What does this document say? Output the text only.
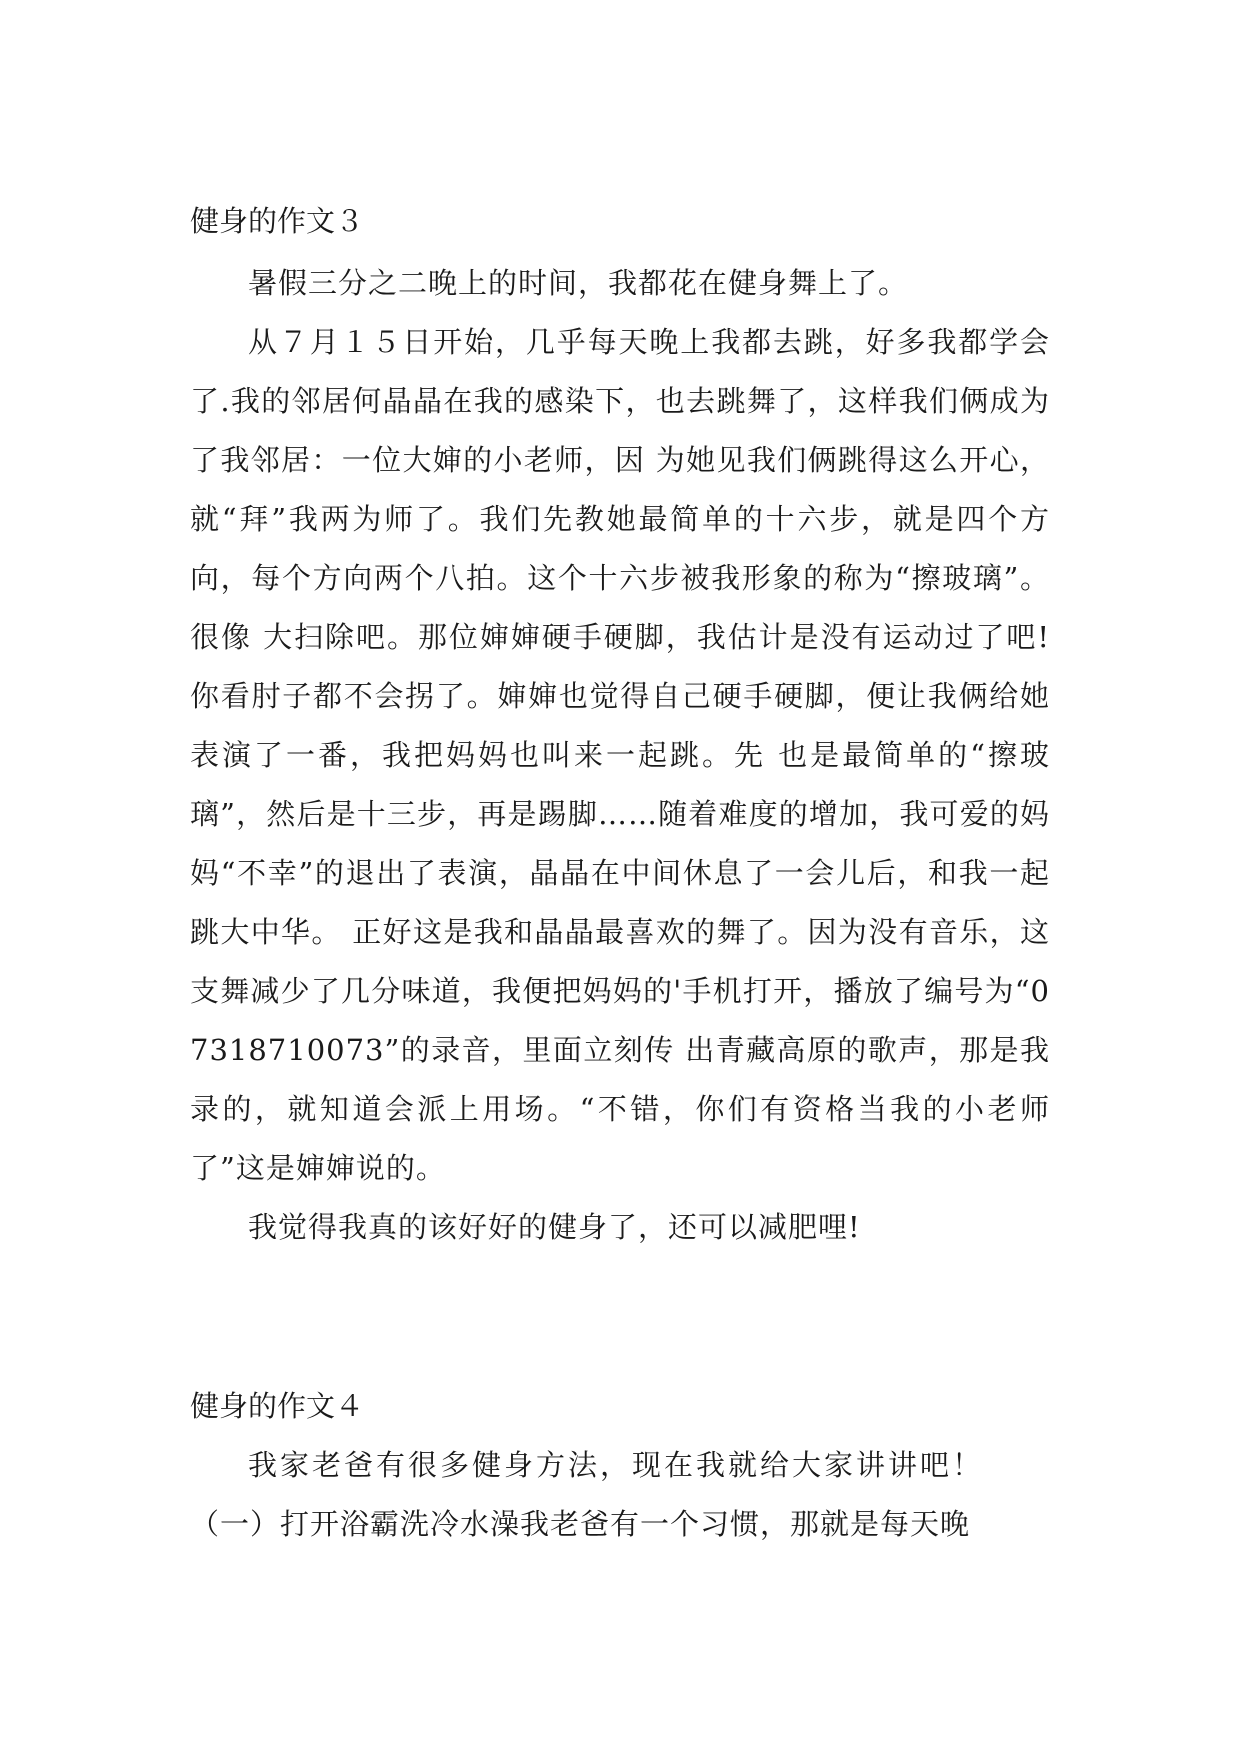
健身的作文３

暑假三分之二晚上的时间，我都花在健身舞上了。

从７月１５日开始，几乎每天晚上我都去跳，好多我都学会了.我的邻居何晶晶在我的感染下，也去跳舞了，这样我们俩成为了我邻居：一位大婶的小老师，因 为她见我们俩跳得这么开心，就“拜”我两为师了。我们先教她最简单的十六步，就是四个方向，每个方向两个八拍。这个十六步被我形象的称为“擦玻璃”。很像 大扫除吧。那位婶婶硬手硬脚，我估计是没有运动过了吧!你看肘子都不会拐了。婶婶也觉得自己硬手硬脚，便让我俩给她表演了一番，我把妈妈也叫来一起跳。先 也是最简单的“擦玻璃”，然后是十三步，再是踢脚……随着难度的增加，我可爱的妈妈“不幸”的退出了表演，晶晶在中间休息了一会儿后，和我一起跳大中华。 正好这是我和晶晶最喜欢的舞了。因为没有音乐，这支舞减少了几分味道，我便把妈妈的'手机打开，播放了编号为“07318710073”的录音，里面立刻传 出青藏高原的歌声，那是我录的，就知道会派上用场。“不错，你们有资格当我的小老师了”这是婶婶说的。

我觉得我真的该好好的健身了，还可以减肥哩!

健身的作文４

我家老爸有很多健身方法，现在我就给大家讲讲吧！

（一）打开浴霸洗冷水澡我老爸有一个习惯，那就是每天晚
